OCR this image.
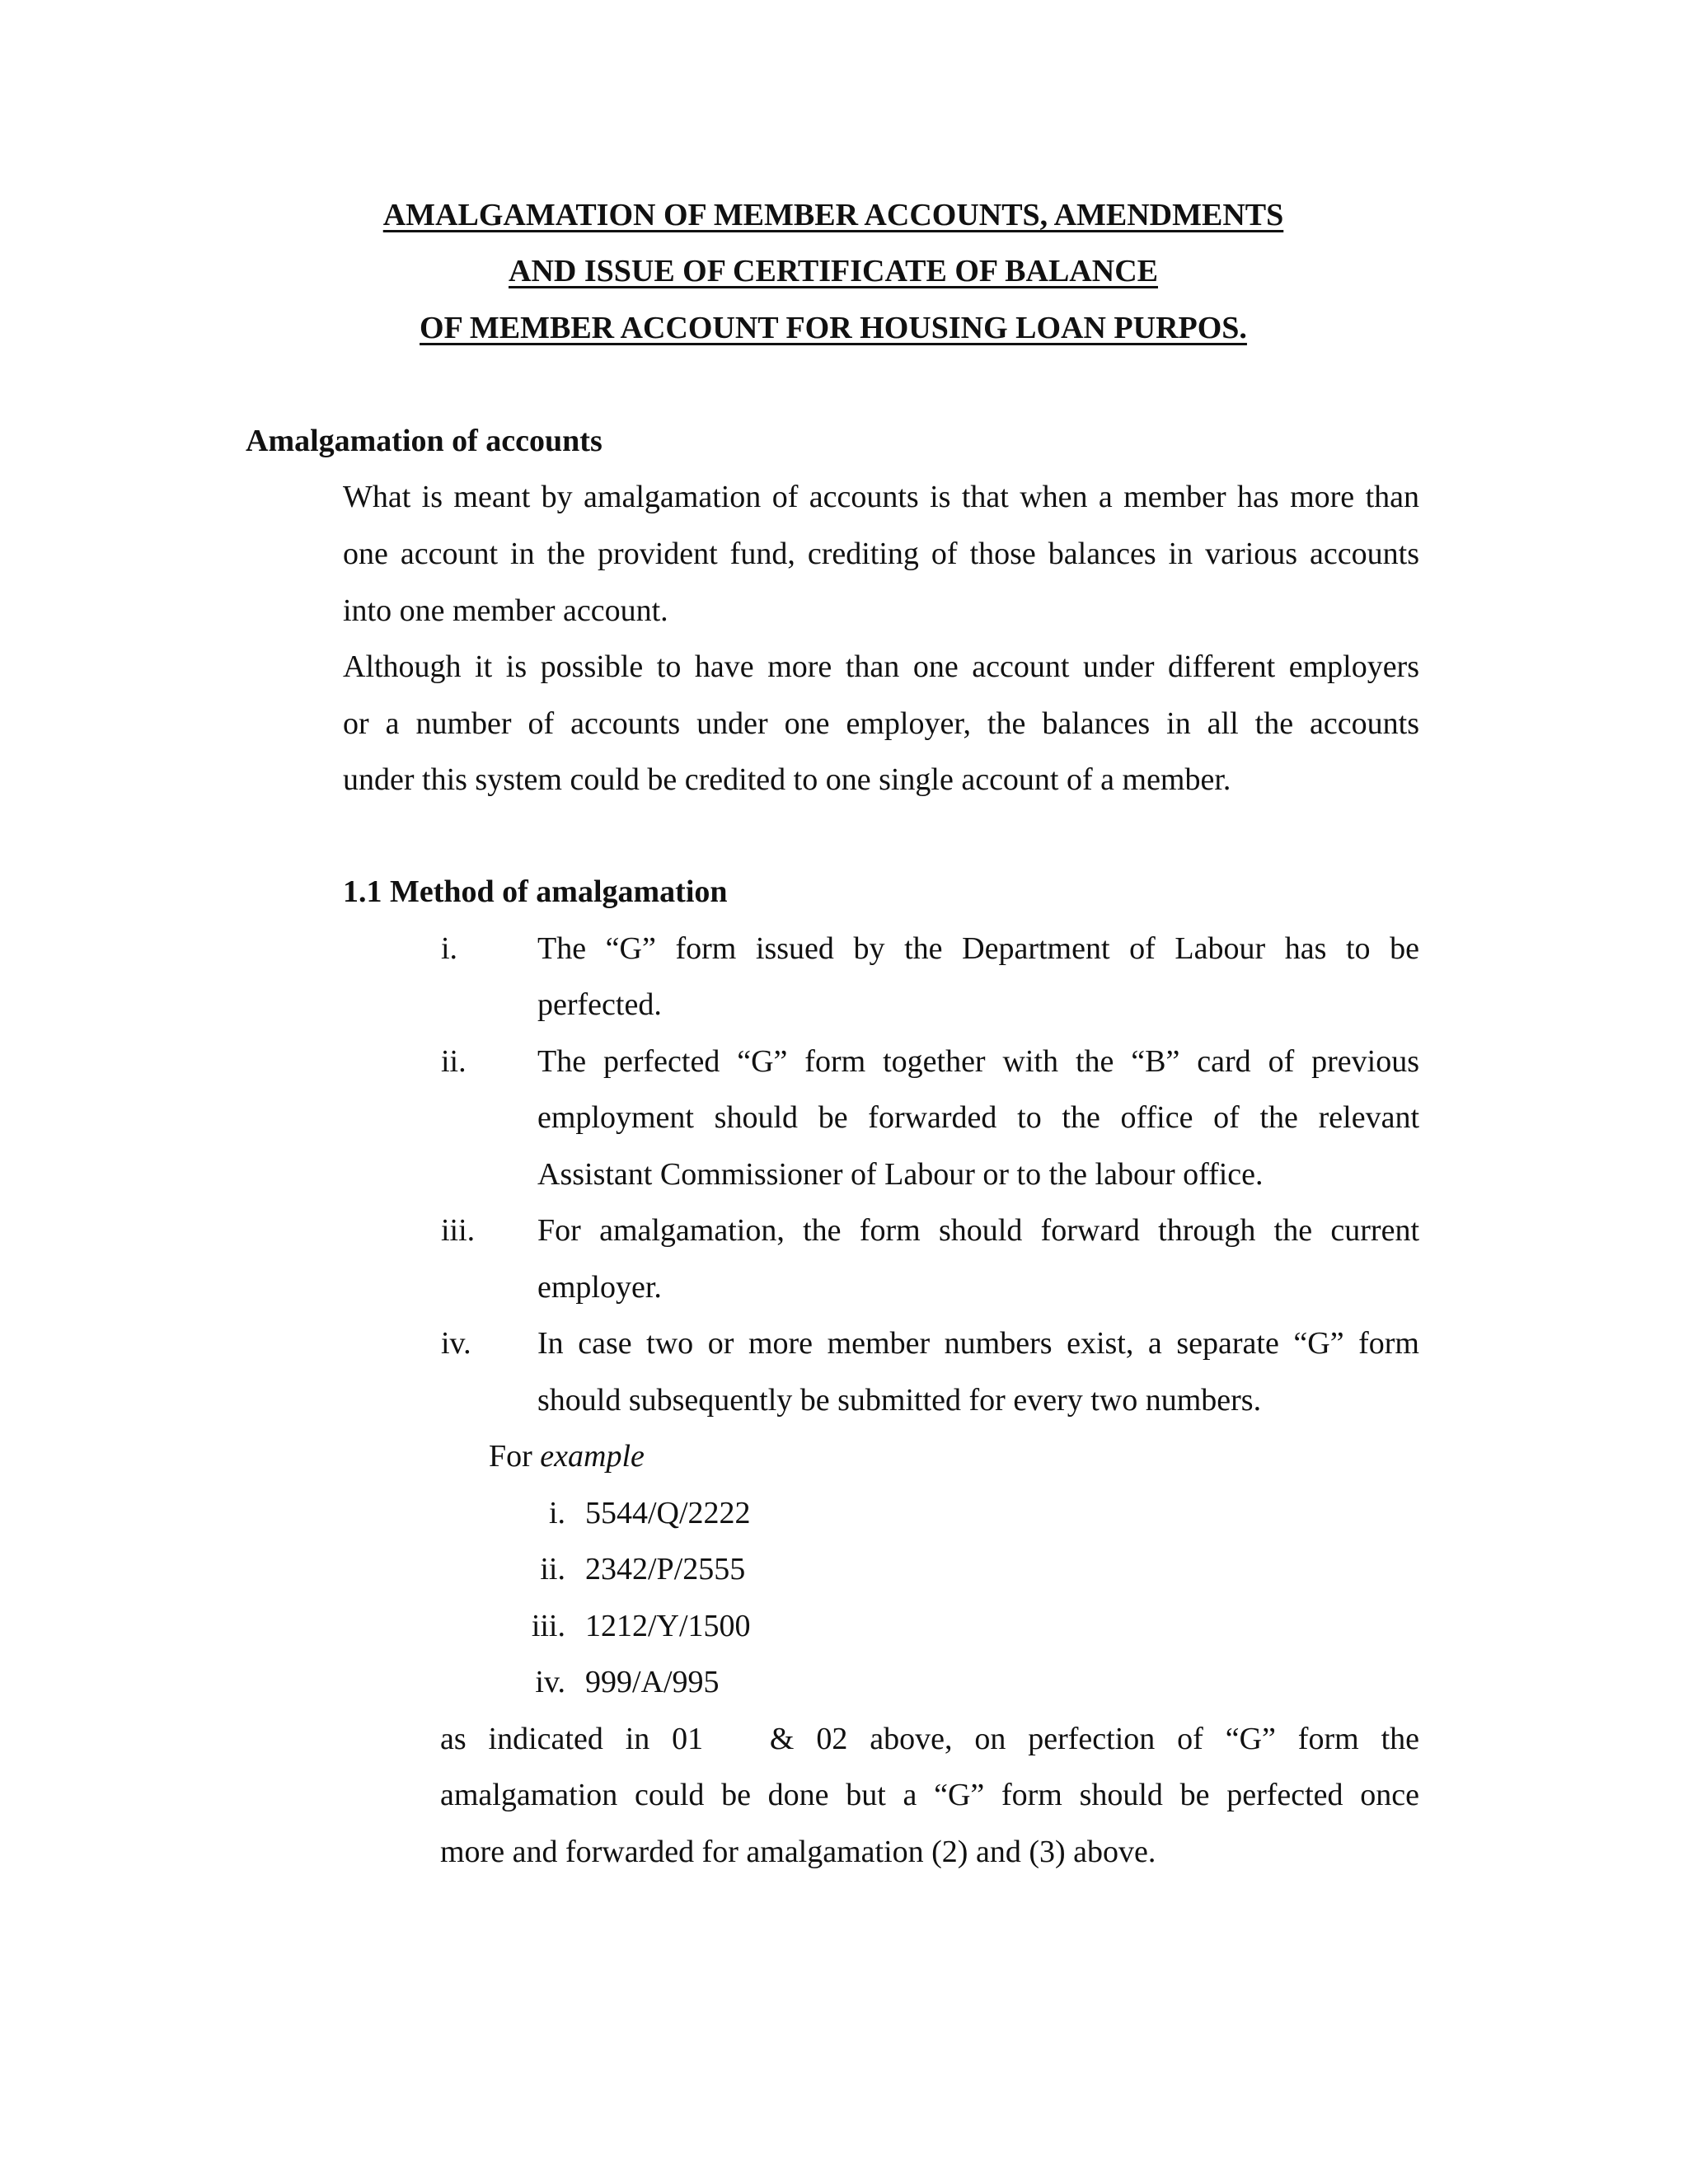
AMALGAMATION OF MEMBER ACCOUNTS, AMENDMENTS
AND ISSUE OF CERTIFICATE OF BALANCE
OF MEMBER ACCOUNT FOR HOUSING LOAN PURPOS.
Amalgamation of accounts
What is meant by amalgamation of accounts is that when a member has more than
one account in the provident fund, crediting of those balances in various accounts
into one member account.
Although it is possible to have more than one account under different employers
or a number of accounts under one employer, the balances in all the accounts
under this system could be credited to one single account of a member.
1.1 Method of amalgamation
i.	The “G” form issued by the Department of Labour has to be
perfected.
ii. The perfected “G” form together with the “B” card of previous
employment should be forwarded to the office of the relevant
Assistant Commissioner of Labour or to the labour office.
iii. For amalgamation, the form should forward through the current
employer.
iv. In case two or more member numbers exist, a separate “G” form
should subsequently be submitted for every two numbers.
For example
i. 5544/Q/2222
ii. 2342/P/2555
iii. 1212/Y/1500
iv. 999/A/995
as indicated in 01   & 02 above, on perfection of “G” form the
amalgamation could be done but a “G” form should be perfected once
more and forwarded for amalgamation (2) and (3) above.
